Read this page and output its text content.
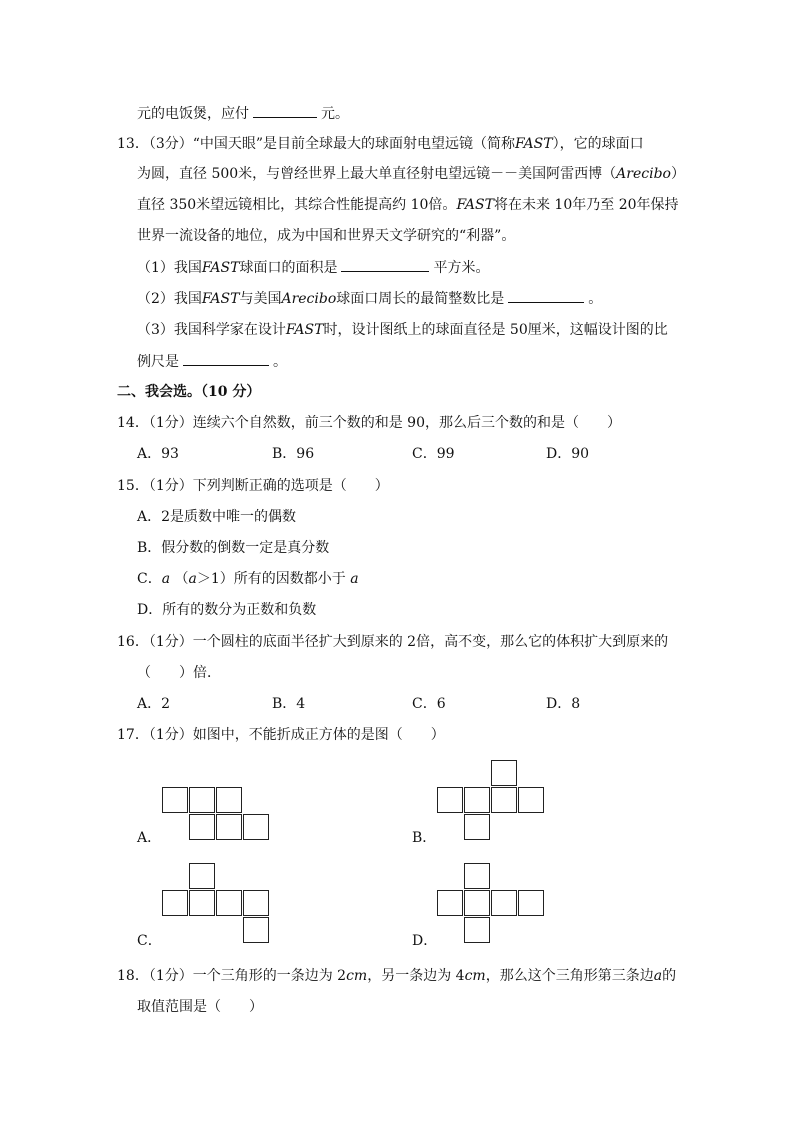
元的电饭煲，应付	元。
13．（3分）“中国天眼”是目前全球最大的球面射电望远镜（简称FAST），它的球面口
为圆，直径 500米，与曾经世界上最大单直径射电望远镜－－美国阿雷西博（Arecibo）
直径 350米望远镜相比，其综合性能提高约 10倍。FAST将在未来 10年乃至 20年保持
世界一流设备的地位，成为中国和世界天文学研究的“利器”。
（1）我国FAST球面口的面积是	平方米。
（2）我国FAST与美国Arecibo球面口周长的最简整数比是	。
（3）我国科学家在设计FAST时，设计图纸上的球面直径是 50厘米，这幅设计图的比
例尺是	。
二、我会选。（10 分）
14．（1分）连续六个自然数，前三个数的和是 90，那么后三个数的和是（　　）
A．93	B．96	C．99	D．90
15．（1分）下列判断正确的选项是（　　）
A．2是质数中唯一的偶数
B．假分数的倒数一定是真分数
C．a （a＞1）所有的因数都小于 a
D．所有的数分为正数和负数
16．（1分）一个圆柱的底面半径扩大到原来的 2倍，高不变，那么它的体积扩大到原来的
（　　）倍．
A．2	B．4	C．6	D．8
17．（1分）如图中，不能折成正方体的是图（　　）
A．	B．
C．	D．
18．（1分）一个三角形的一条边为 2cm，另一条边为 4cm，那么这个三角形第三条边a的
取值范围是（　　）
